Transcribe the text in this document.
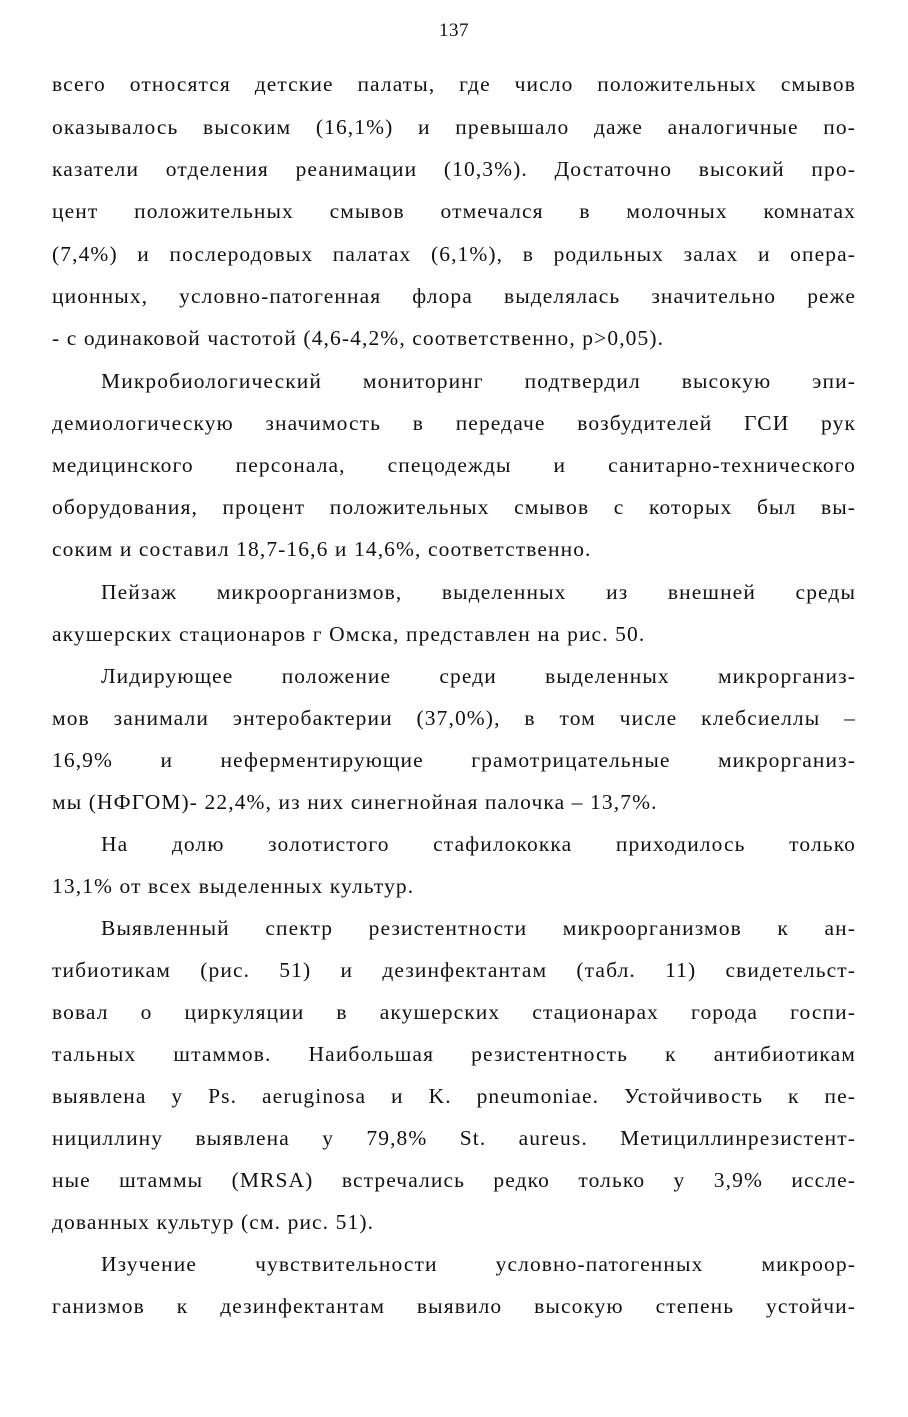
137
всего относятся детские палаты, где число положительных смывов
оказывалось высоким (16,1%) и превышало даже аналогичные по-
казатели отделения реанимации (10,3%). Достаточно высокий про-
цент положительных смывов отмечался в молочных комнатах
(7,4%) и послеродовых палатах (6,1%), в родильных залах и опера-
ционных, условно-патогенная флора выделялась значительно реже
- с одинаковой частотой (4,6-4,2%, соответственно, р>0,05).
Микробиологический мониторинг подтвердил высокую эпи-
демиологическую значимость в передаче возбудителей ГСИ рук
медицинского персонала, спецодежды и санитарно-технического
оборудования, процент положительных смывов с которых был вы-
соким и составил 18,7-16,6 и 14,6%, соответственно.
Пейзаж микроорганизмов, выделенных из внешней среды
акушерских стационаров г Омска, представлен на рис. 50.
Лидирующее положение среди выделенных микрорганиз-
мов занимали энтеробактерии (37,0%), в том числе клебсиеллы –
16,9% и неферментирующие грамотрицательные микрорганиз-
мы (НФГОМ)- 22,4%, из них синегнойная палочка – 13,7%.
На долю золотистого стафилококка приходилось только
13,1% от всех выделенных культур.
Выявленный спектр резистентности микроорганизмов к ан-
тибиотикам (рис. 51) и дезинфектантам (табл. 11) свидетельст-
вовал о циркуляции в акушерских стационарах города госпи-
тальных штаммов. Наибольшая резистентность к антибиотикам
выявлена у Ps. aeruginosa и K. pneumoniae. Устойчивость к пе-
нициллину выявлена у 79,8% St. aureus. Метициллинрезистент-
ные штаммы (MRSA) встречались редко только у 3,9% иссле-
дованных культур (см. рис. 51).
Изучение чувствительности условно-патогенных микроор-
ганизмов к дезинфектантам выявило высокую степень устойчи-
